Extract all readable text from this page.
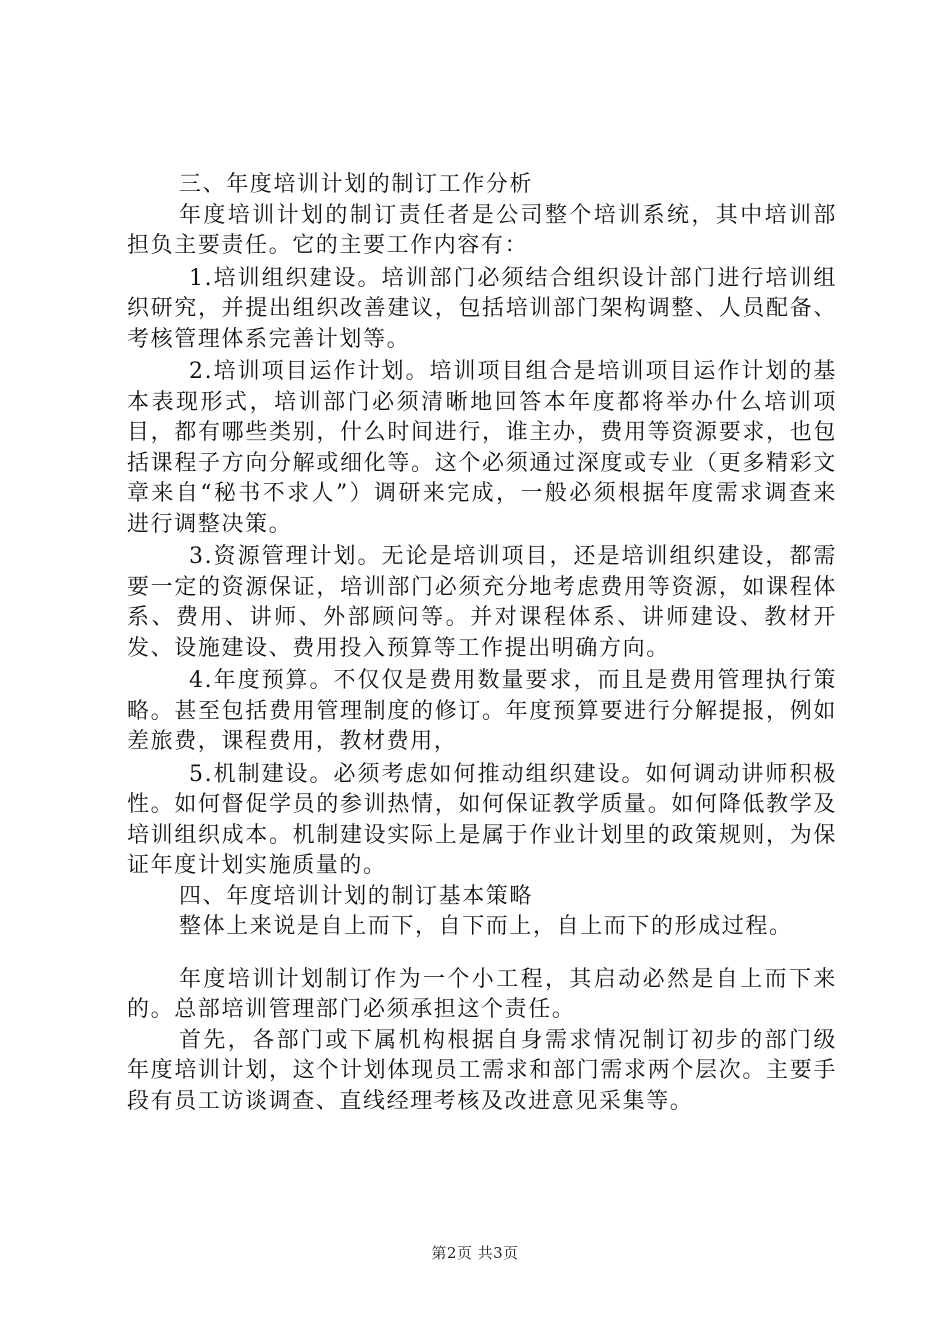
三、年度培训计划的制订工作分析

年度培训计划的制订责任者是公司整个培训系统，其中培训部担负主要责任。它的主要工作内容有：

1.培训组织建设。培训部门必须结合组织设计部门进行培训组织研究，并提出组织改善建议，包括培训部门架构调整、人员配备、考核管理体系完善计划等。

2.培训项目运作计划。培训项目组合是培训项目运作计划的基本表现形式，培训部门必须清晰地回答本年度都将举办什么培训项目，都有哪些类别，什么时间进行，谁主办，费用等资源要求，也包括课程子方向分解或细化等。这个必须通过深度或专业（更多精彩文章来自“秘书不求人”）调研来完成，一般必须根据年度需求调查来进行调整决策。

3.资源管理计划。无论是培训项目，还是培训组织建设，都需要一定的资源保证，培训部门必须充分地考虑费用等资源，如课程体系、费用、讲师、外部顾问等。并对课程体系、讲师建设、教材开发、设施建设、费用投入预算等工作提出明确方向。

4.年度预算。不仅仅是费用数量要求，而且是费用管理执行策略。甚至包括费用管理制度的修订。年度预算要进行分解提报，例如差旅费，课程费用，教材费用，

5.机制建设。必须考虑如何推动组织建设。如何调动讲师积极性。如何督促学员的参训热情，如何保证教学质量。如何降低教学及培训组织成本。机制建设实际上是属于作业计划里的政策规则，为保证年度计划实施质量的。

四、年度培训计划的制订基本策略

整体上来说是自上而下，自下而上，自上而下的形成过程。

年度培训计划制订作为一个小工程，其启动必然是自上而下来的。总部培训管理部门必须承担这个责任。

首先，各部门或下属机构根据自身需求情况制订初步的部门级年度培训计划，这个计划体现员工需求和部门需求两个层次。主要手段有员工访谈调查、直线经理考核及改进意见采集等。

第2页 共3页
